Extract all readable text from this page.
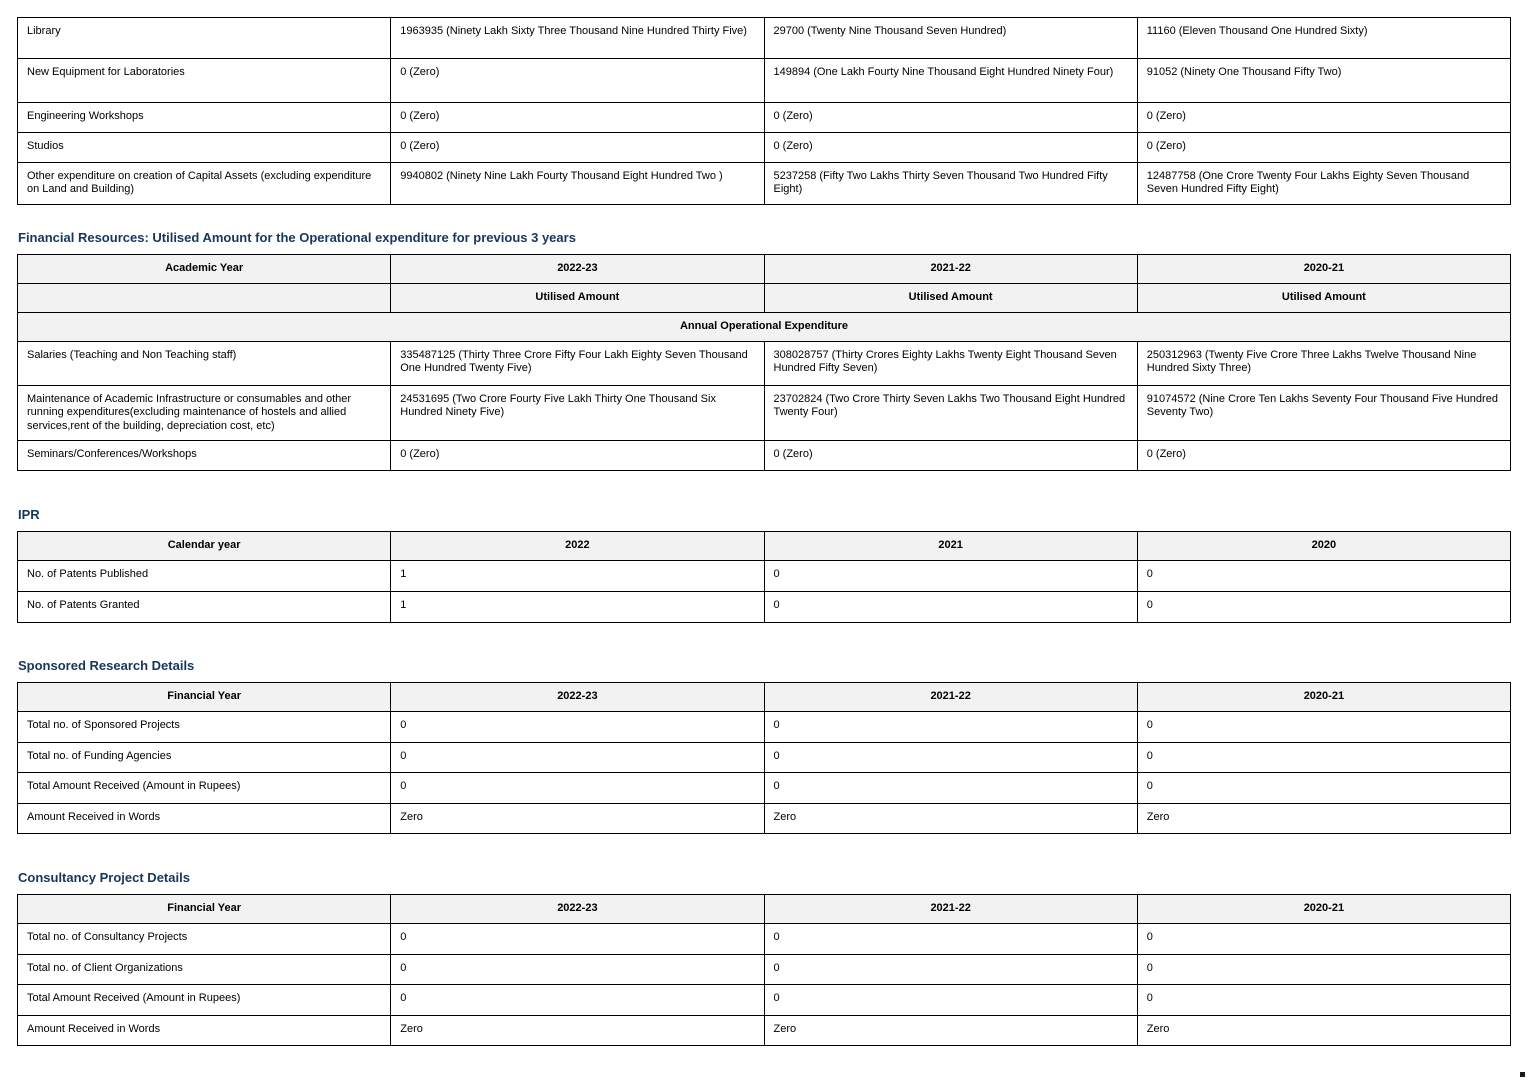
Library	1963935 (Ninety Lakh Sixty Three Thousand Nine Hundred Thirty Five)	29700 (Twenty Nine Thousand Seven Hundred)	11160 (Eleven Thousand One Hundred Sixty)
New Equipment for Laboratories	0 (Zero)	149894 (One Lakh Fourty Nine Thousand Eight Hundred Ninety Four)	91052 (Ninety One Thousand Fifty Two)
Engineering Workshops	0 (Zero)	0 (Zero)	0 (Zero)
Studios	0 (Zero)	0 (Zero)	0 (Zero)
Other expenditure on creation of Capital Assets (excluding expenditure on Land and Building)	9940802 (Ninety Nine Lakh Fourty Thousand Eight Hundred Two )	5237258 (Fifty Two Lakhs Thirty Seven Thousand Two Hundred Fifty Eight)	12487758 (One Crore Twenty Four Lakhs Eighty Seven Thousand Seven Hundred Fifty Eight)
Financial Resources: Utilised Amount for the Operational expenditure for previous 3 years
Academic Year	2022-23	2021-22	2020-21
	Utilised Amount	Utilised Amount	Utilised Amount
Annual Operational Expenditure			
Salaries (Teaching and Non Teaching staff)	335487125 (Thirty Three Crore Fifty Four Lakh Eighty Seven Thousand One Hundred Twenty Five)	308028757 (Thirty Crores Eighty Lakhs Twenty Eight Thousand Seven Hundred Fifty Seven)	250312963 (Twenty Five Crore Three Lakhs Twelve Thousand Nine Hundred Sixty Three)
Maintenance of Academic Infrastructure or consumables and other running expenditures(excluding maintenance of hostels and allied services,rent of the building, depreciation cost, etc)	24531695 (Two Crore Fourty Five Lakh Thirty One Thousand Six Hundred Ninety Five)	23702824 (Two Crore Thirty Seven Lakhs Two Thousand Eight Hundred Twenty Four)	91074572 (Nine Crore Ten Lakhs Seventy Four Thousand Five Hundred Seventy Two)
Seminars/Conferences/Workshops	0 (Zero)	0 (Zero)	0 (Zero)
IPR
Calendar year	2022	2021	2020
No. of Patents Published	1	0	0
No. of Patents Granted	1	0	0
Sponsored Research Details
Financial Year	2022-23	2021-22	2020-21
Total no. of Sponsored Projects	0	0	0
Total no. of Funding Agencies	0	0	0
Total Amount Received (Amount in Rupees)	0	0	0
Amount Received in Words	Zero	Zero	Zero
Consultancy Project Details
Financial Year	2022-23	2021-22	2020-21
Total no. of Consultancy Projects	0	0	0
Total no. of Client Organizations	0	0	0
Total Amount Received (Amount in Rupees)	0	0	0
Amount Received in Words	Zero	Zero	Zero
